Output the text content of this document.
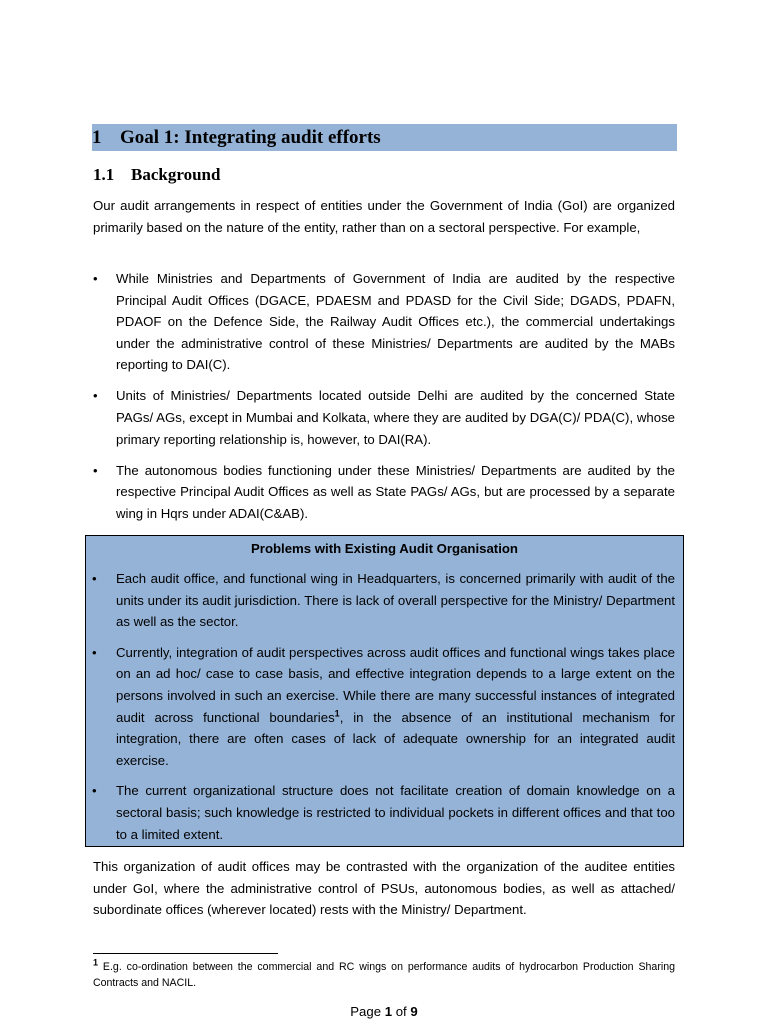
1 Goal 1: Integrating audit efforts
1.1 Background
Our audit arrangements in respect of entities under the Government of India (GoI) are organized primarily based on the nature of the entity, rather than on a sectoral perspective. For example,
• While Ministries and Departments of Government of India are audited by the respective Principal Audit Offices (DGACE, PDAESM and PDASD for the Civil Side; DGADS, PDAFN, PDAOF on the Defence Side, the Railway Audit Offices etc.), the commercial undertakings under the administrative control of these Ministries/ Departments are audited by the MABs reporting to DAI(C).
• Units of Ministries/ Departments located outside Delhi are audited by the concerned State PAGs/ AGs, except in Mumbai and Kolkata, where they are audited by DGA(C)/ PDA(C), whose primary reporting relationship is, however, to DAI(RA).
• The autonomous bodies functioning under these Ministries/ Departments are audited by the respective Principal Audit Offices as well as State PAGs/ AGs, but are processed by a separate wing in Hqrs under ADAI(C&AB).
Problems with Existing Audit Organisation
• Each audit office, and functional wing in Headquarters, is concerned primarily with audit of the units under its audit jurisdiction. There is lack of overall perspective for the Ministry/ Department as well as the sector.
• Currently, integration of audit perspectives across audit offices and functional wings takes place on an ad hoc/ case to case basis, and effective integration depends to a large extent on the persons involved in such an exercise. While there are many successful instances of integrated audit across functional boundaries$^1$, in the absence of an institutional mechanism for integration, there are often cases of lack of adequate ownership for an integrated audit exercise.
• The current organizational structure does not facilitate creation of domain knowledge on a sectoral basis; such knowledge is restricted to individual pockets in different offices and that too to a limited extent.
This organization of audit offices may be contrasted with the organization of the auditee entities under GoI, where the administrative control of PSUs, autonomous bodies, as well as attached/ subordinate offices (wherever located) rests with the Ministry/ Department.
$^1$ E.g. co-ordination between the commercial and RC wings on performance audits of hydrocarbon Production Sharing Contracts and NACIL.
Page 1 of 9
